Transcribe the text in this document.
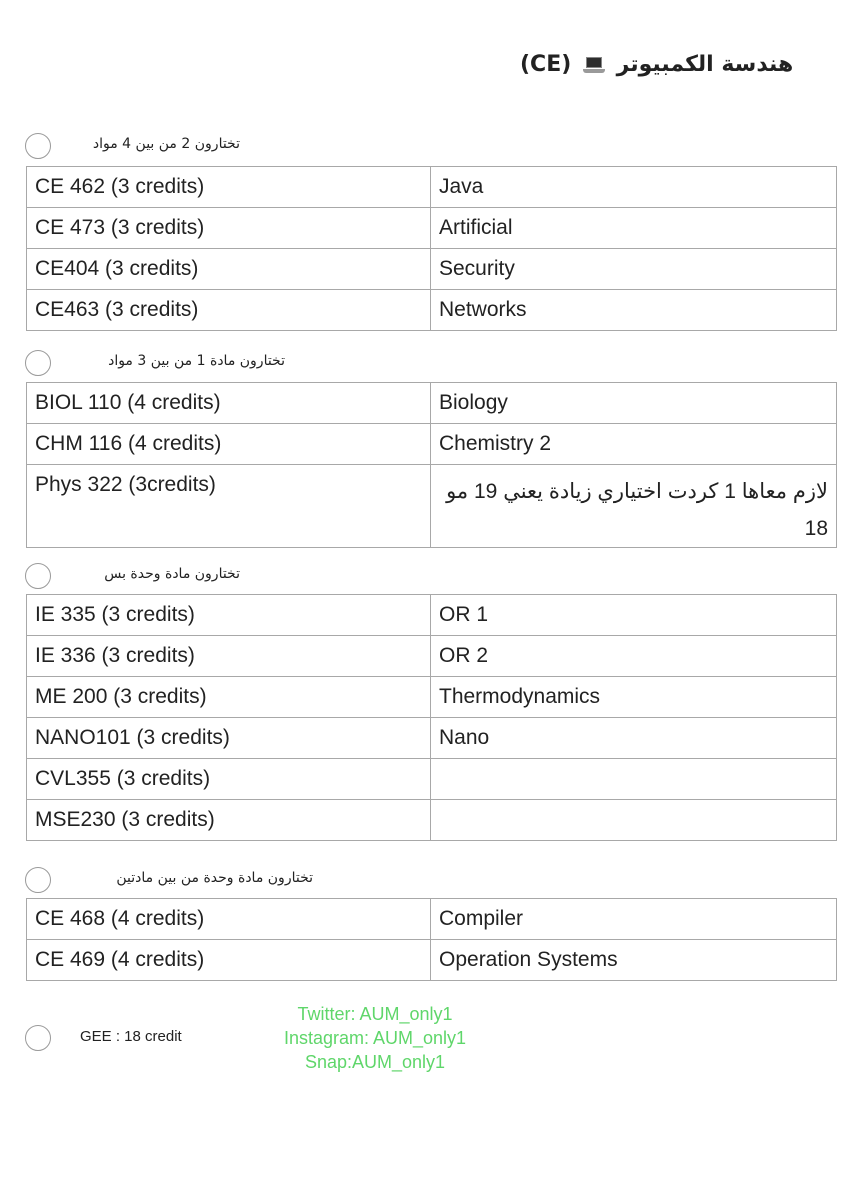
(CE) هندسة الكمبيوتر
تختارون 2 من بين 4 مواد
CE 462 (3 credits)	Java
CE 473 (3 credits)	Artificial
CE404 (3 credits)	Security
CE463 (3 credits)	Networks
تختارون مادة 1 من بين 3 مواد
BIOL 110 (4 credits)	Biology
CHM 116 (4 credits)	Chemistry 2
Phys 322 (3credits)	لازم معاها 1 كردت اختياري زيادة يعني 19 مو 18
تختارون مادة وحدة بس
IE 335 (3 credits)	OR 1
IE 336 (3 credits)	OR 2
ME 200 (3 credits)	Thermodynamics
NANO101 (3 credits)	Nano
CVL355 (3 credits)	
MSE230 (3 credits)	
تختارون مادة وحدة من بين مادتين
CE 468 (4 credits)	Compiler
CE 469 (4 credits)	Operation Systems
GEE : 18 credit
Twitter: AUM_only1
Instagram: AUM_only1
Snap:AUM_only1
